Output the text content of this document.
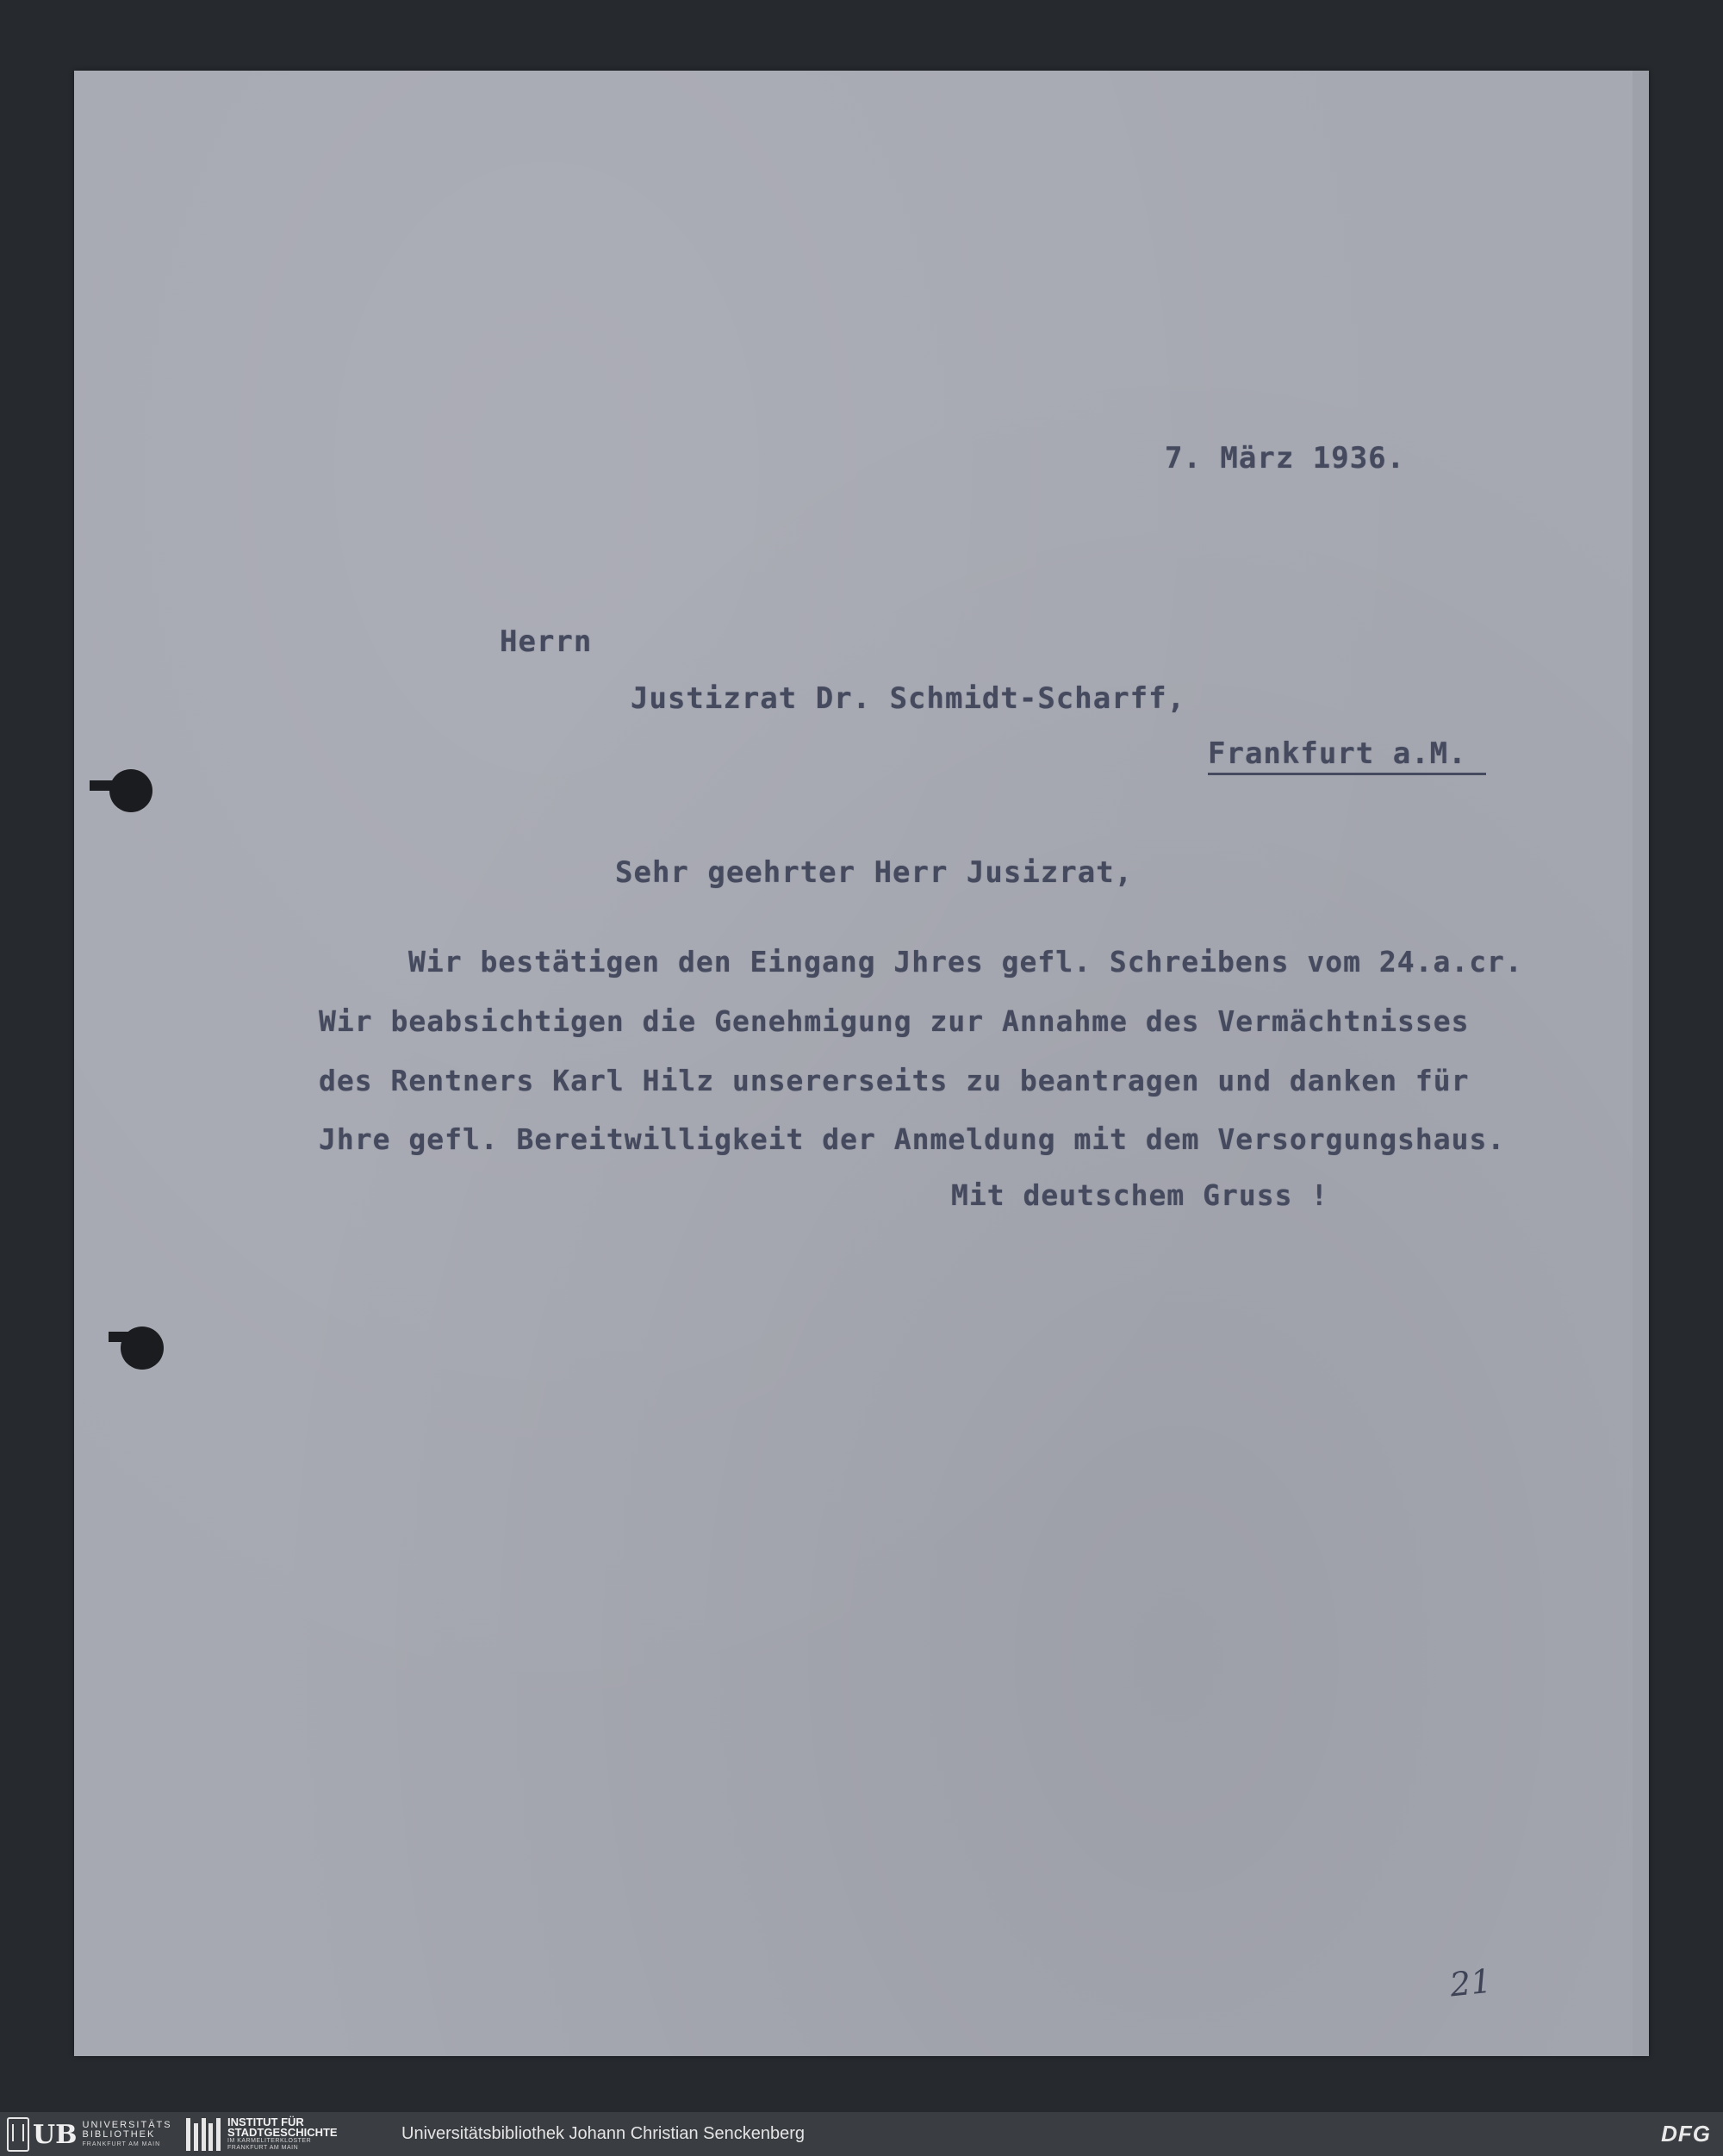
7. März 1936.
Herrn
Justizrat Dr. Schmidt-Scharff,
Frankfurt a.M.
Sehr geehrter Herr Jusizrat,
Wir bestätigen den Eingang Jhres gefl. Schreibens vom 24.a.cr.
Wir beabsichtigen die Genehmigung zur Annahme des Vermächtnisses
des Rentners Karl Hilz unsererseits zu beantragen und danken für
Jhre gefl. Bereitwilligkeit der Anmeldung mit dem Versorgungshaus.
Mit deutschem Gruss !
21
UB UNIVERSITÄTS
BIBLIOTHEK
FRANKFURT AM MAIN
INSTITUT FÜR
STADTGESCHICHTE
IM KARMELITERKLOSTER
FRANKFURT AM MAIN
Universitätsbibliothek Johann Christian Senckenberg	DFG
